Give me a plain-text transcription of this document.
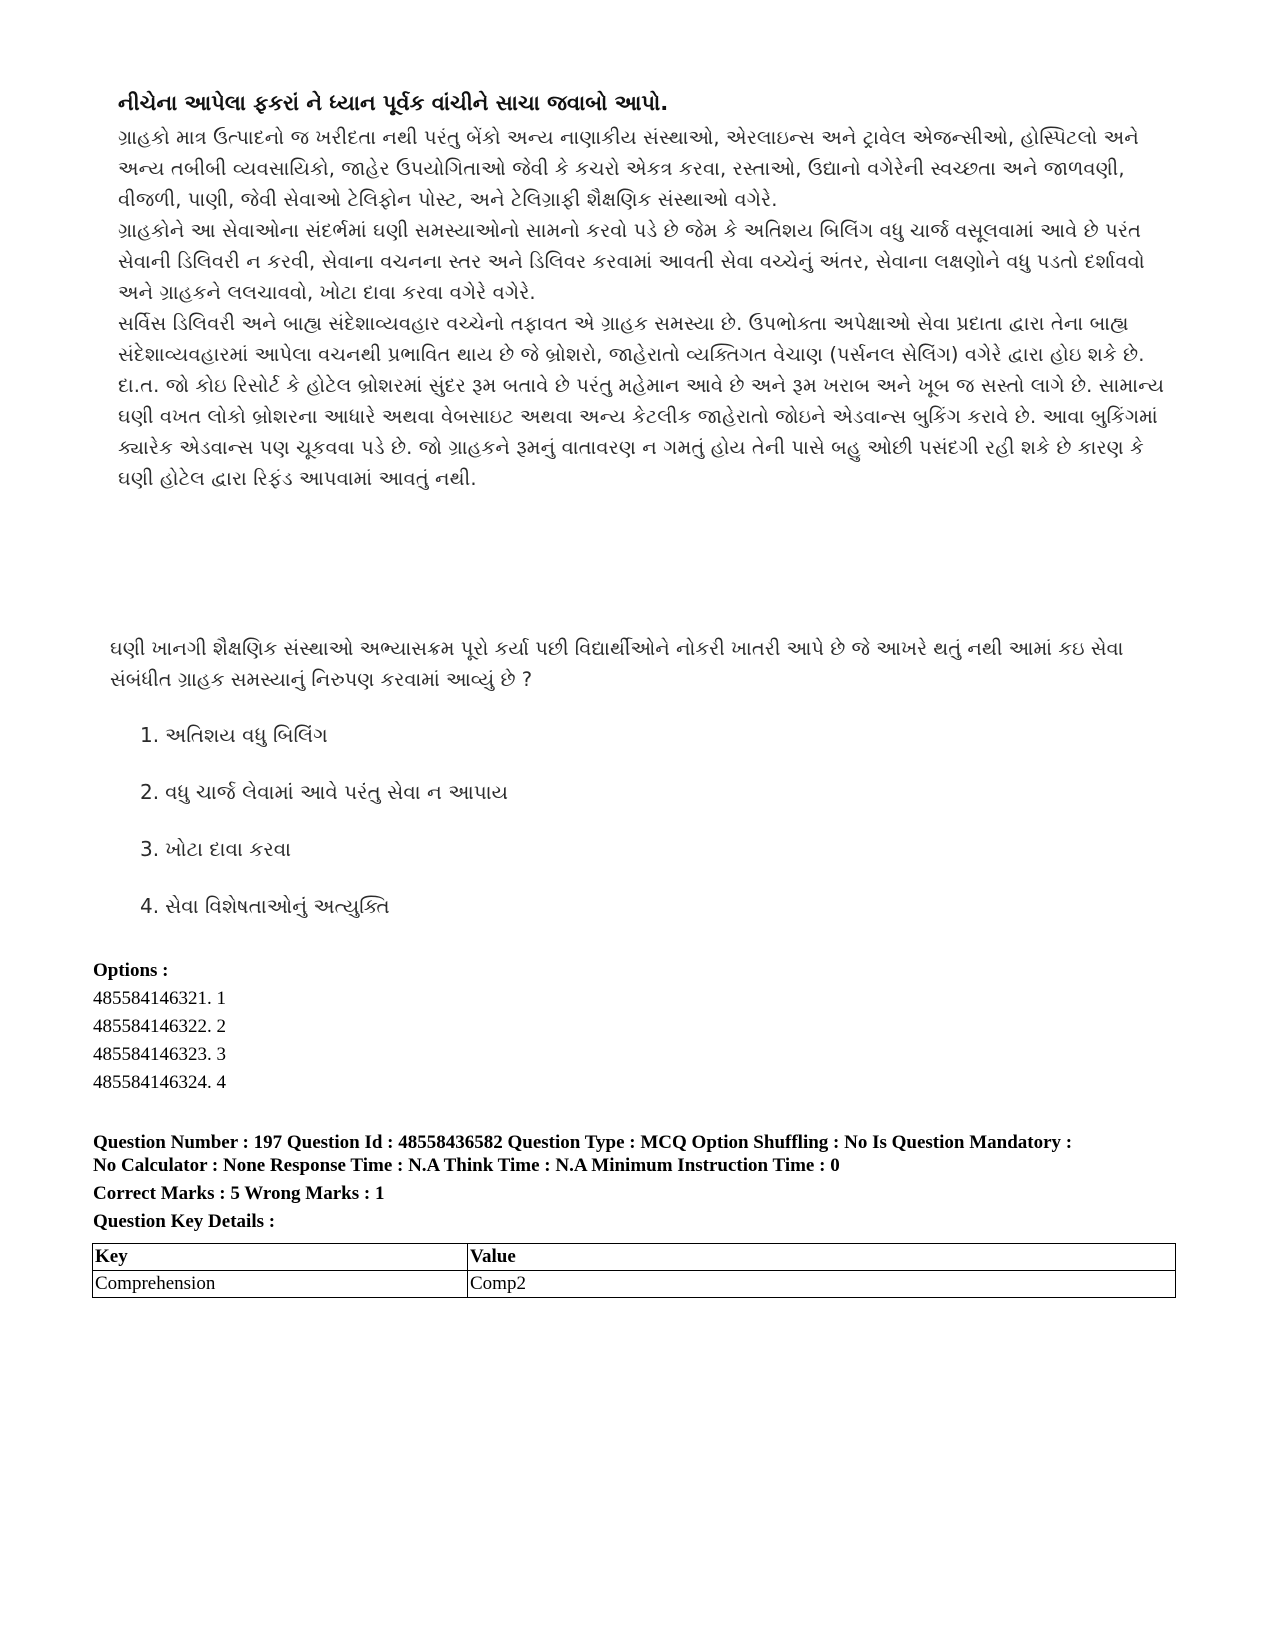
નીચેના આપેલા ફકરાં ને ધ્યાન પૂર્વક વાંચીને સાચા જવાબો આપો.

ગ્રાહકો માત્ર ઉત્પાદનો જ ખરીદતા નથી પરંતુ બેંકો અન્ય નાણાકીય સંસ્થાઓ, એરલાઇન્સ અને ટ્રાવેલ એજન્સીઓ, હોસ્પિટલો અને અન્ય તબીબી વ્યવસાયિકો, જાહેર ઉપયોગિતાઓ જેવી કે કચરો એકત્ર કરવા, રસ્તાઓ, ઉદ્યાનો વગેરેની સ્વચ્છતા અને જાળવણી, વીજળી, પાણી, જેવી સેવાઓ ટેલિફોન પોસ્ટ, અને ટેલિગ્રાફી શૈક્ષણિક સંસ્થાઓ વગેરે.

ગ્રાહકોને આ સેવાઓના સંદર્ભમાં ઘણી સમસ્યાઓનો સામનો કરવો પડે છે જેમ કે અતિશય બિલિંગ વધુ ચાર્જ વસૂલવામાં આવે છે પરંત સેવાની ડિલિવરી ન કરવી, સેવાના વચનના સ્તર અને ડિલિવર કરવામાં આવતી સેવા વચ્ચેનું અંતર, સેવાના લક્ષણોને વધુ પડતો દર્શાવવો અને ગ્રાહકને લલચાવવો, ખોટા દાવા કરવા વગેરે વગેરે.

સર્વિસ ડિલિવરી અને બાહ્ય સંદેશાવ્યવહાર વચ્ચેનો તફાવત એ ગ્રાહક સમસ્યા છે. ઉપભોક્તા અપેક્ષાઓ સેવા પ્રદાતા દ્વારા તેના બાહ્ય સંદેશાવ્યવહારમાં આપેલા વચનથી પ્રભાવિત થાય છે જે બ્રોશરો, જાહેરાતો વ્યક્તિગત વેચાણ (પર્સનલ સેલિંગ) વગેરે દ્વારા હોઇ શકે છે. દા.ત. જો કોઇ રિસોર્ટ કે હોટેલ બ્રોશરમાં સુંદર રૂમ બતાવે છે પરંતુ મહેમાન આવે છે અને રૂમ ખરાબ અને ખૂબ જ સસ્તો લાગે છે. સામાન્ય ઘણી વખત લોકો બ્રોશરના આધારે અથવા વેબસાઇટ અથવા અન્ય કેટલીક જાહેરાતો જોઇને એડવાન્સ બુકિંગ કરાવે છે. આવા બુકિંગમાં ક્યારેક એડવાન્સ પણ ચૂકવવા પડે છે. જો ગ્રાહકને રૂમનું વાતાવરણ ન ગમતું હોય તેની પાસે બહુ ઓછી પસંદગી રહી શકે છે કારણ કે ઘણી હોટેલ દ્વારા રિફંડ આપવામાં આવતું નથી.

ઘણી ખાનગી શૈક્ષણિક સંસ્થાઓ અભ્યાસક્રમ પૂરો કર્યા પછી વિદ્યાર્થીઓને નોકરી ખાતરી આપે છે જે આખરે થતું નથી આમાં કઇ સેવા સંબંધીત ગ્રાહક સમસ્યાનું નિરુપણ કરવામાં આવ્યું છે ?
1. અતિશય વધુ બિલિંગ
2. વધુ ચાર્જ લેવામાં આવે પરંતુ સેવા ન આપાય
3. ખોટા દાવા કરવા
4. સેવા વિશેષતાઓનું અત્યુક્તિ
Options :
485584146321. 1
485584146322. 2
485584146323. 3
485584146324. 4
Question Number : 197 Question Id : 48558436582 Question Type : MCQ Option Shuffling : No Is Question Mandatory :
No Calculator : None Response Time : N.A Think Time : N.A Minimum Instruction Time : 0
Correct Marks : 5 Wrong Marks : 1
Question Key Details :
Key	Value
Comprehension	Comp2
